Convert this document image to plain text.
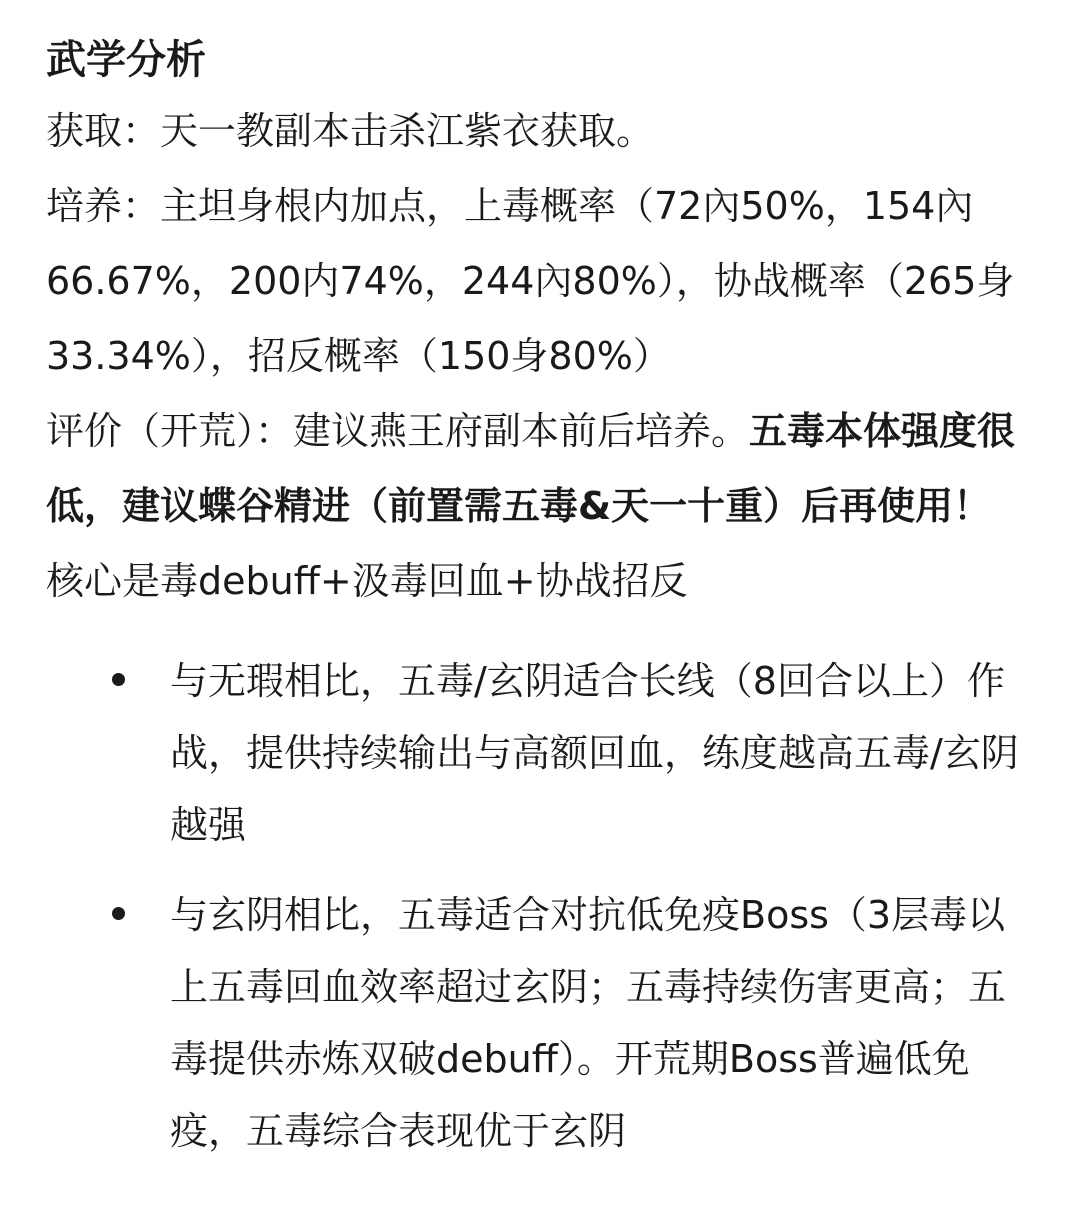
武学分析

获取：天一教副本击杀江紫衣获取。

培养：主坦身根内加点，上毒概率（72內50%，154內66.67%，200内74%，244內80%），协战概率（265身33.34%），招反概率（150身80%）

评价（开荒）：建议燕王府副本前后培养。五毒本体强度很低，建议蝶谷精进（前置需五毒&天一十重）后再使用！核心是毒debuff+汲毒回血+协战招反

与无瑕相比，五毒/玄阴适合长线（8回合以上）作战，提供持续输出与高额回血，练度越高五毒/玄阴越强
与玄阴相比，五毒适合对抗低免疫Boss（3层毒以上五毒回血效率超过玄阴；五毒持续伤害更高；五毒提供赤炼双破debuff）。开荒期Boss普遍低免疫，五毒综合表现优于玄阴
